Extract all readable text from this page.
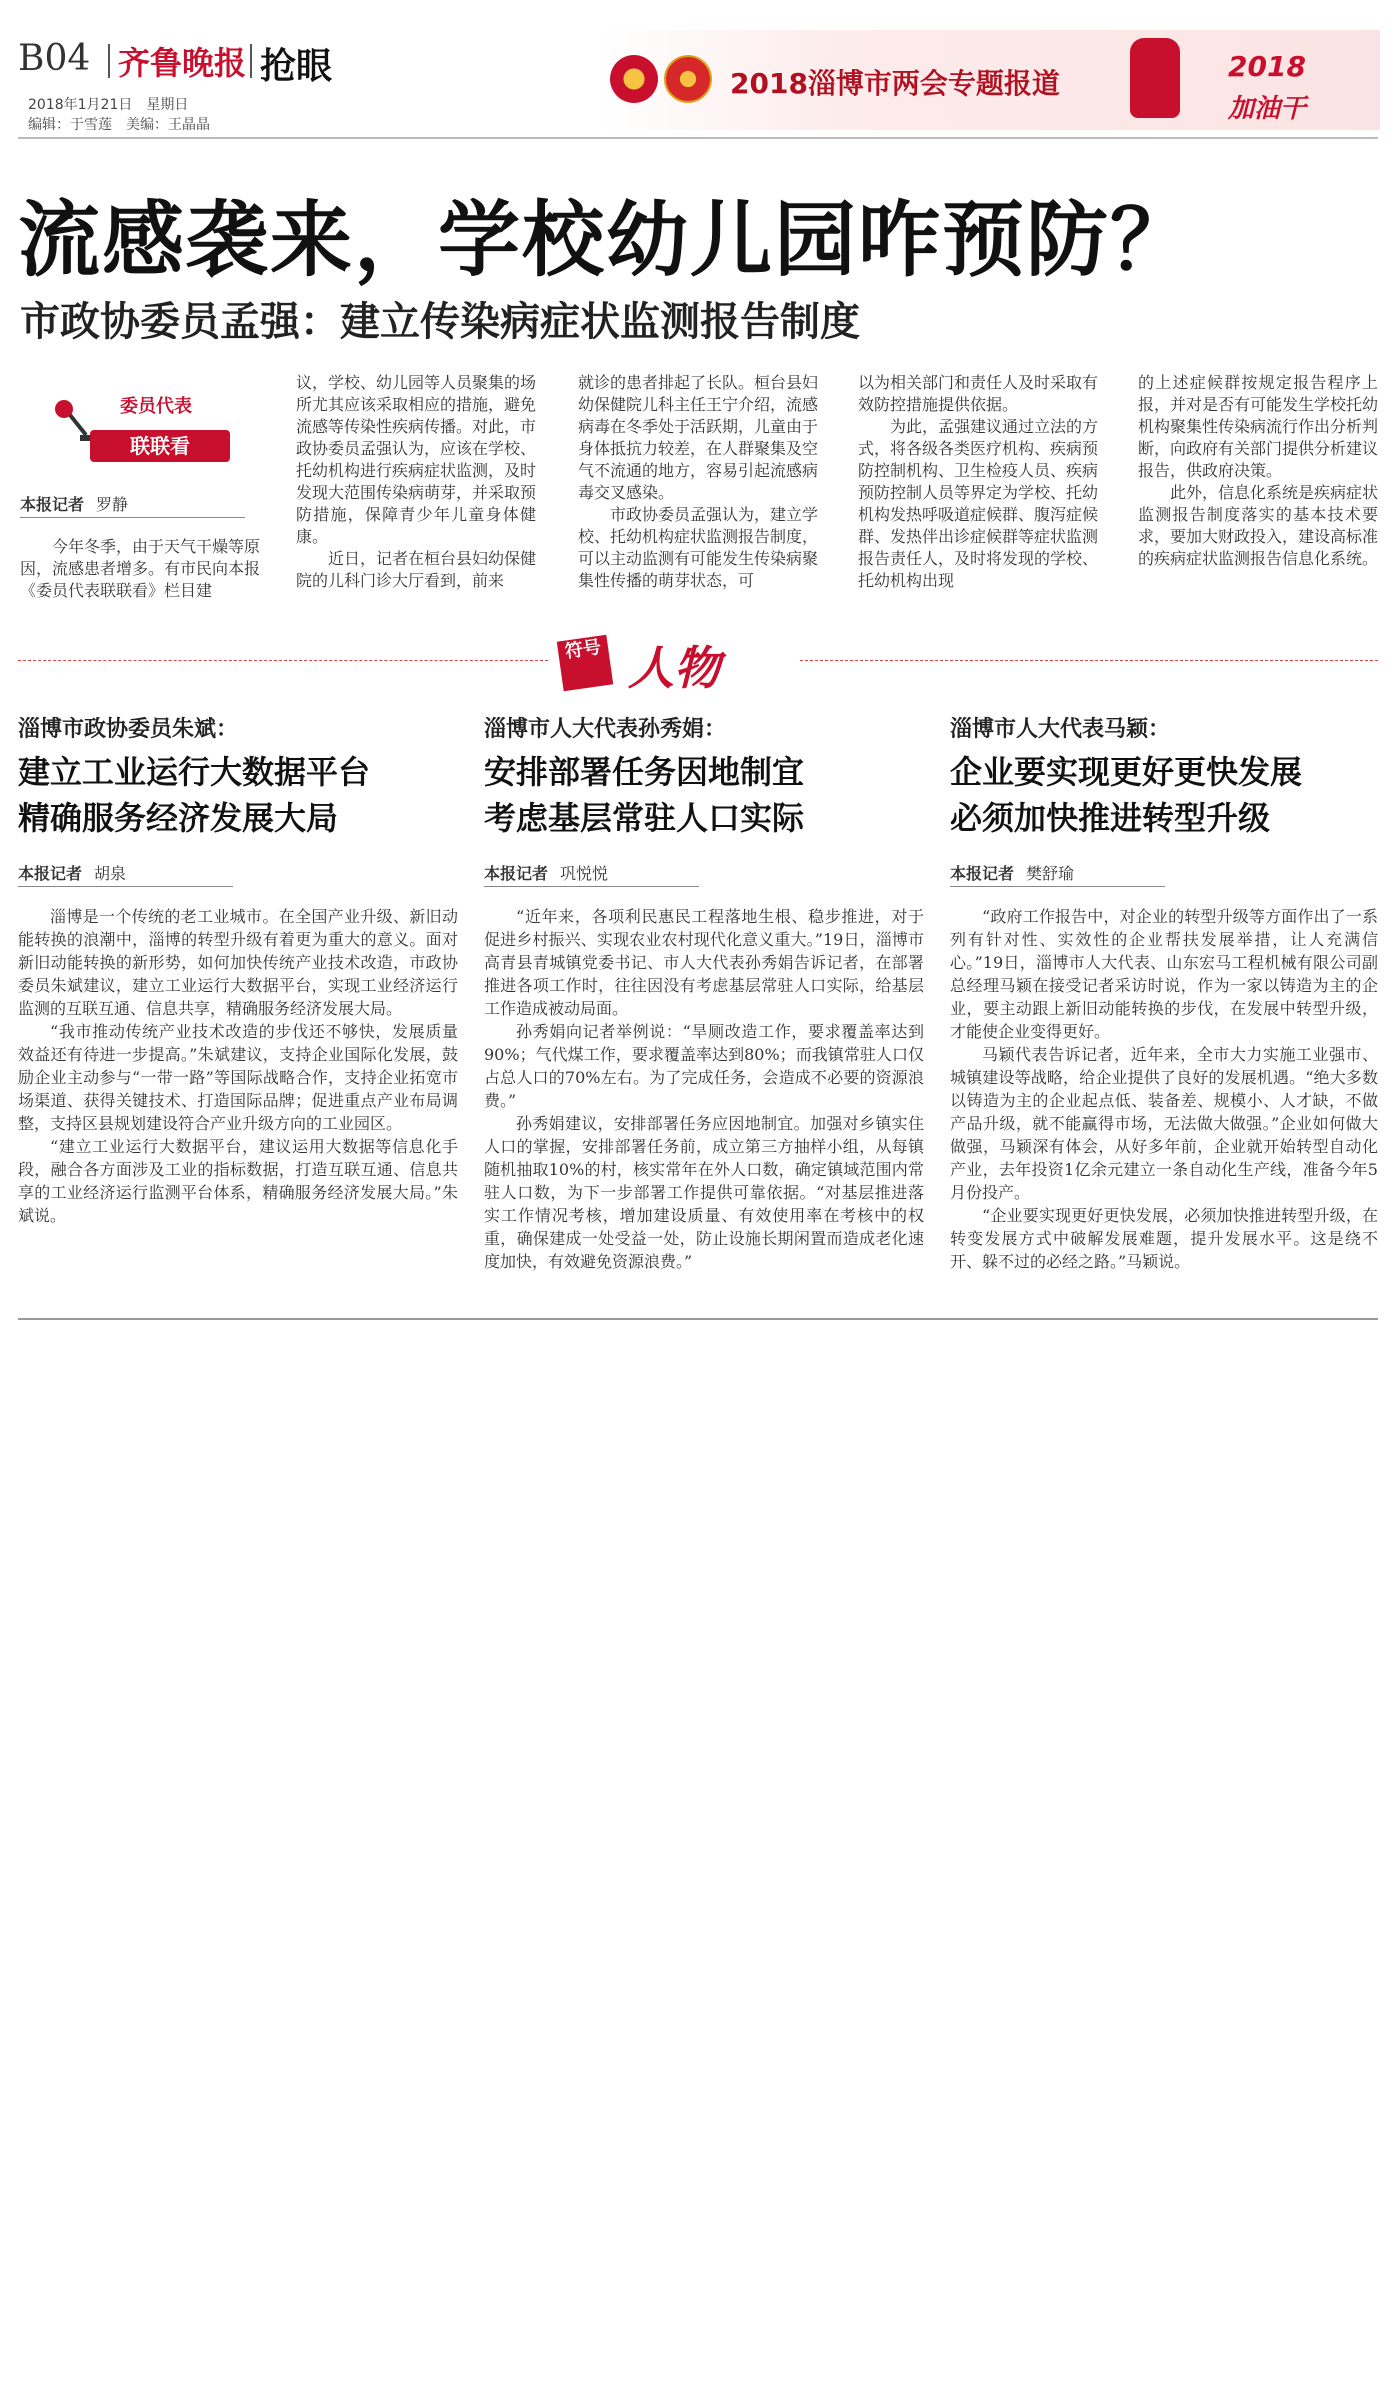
B04 齐鲁晚报 抢眼
2018年1月21日　星期日
编辑：于雪莲　美编：王晶晶
2018淄博市两会专题报道
2018
加油干
流感袭来，学校幼儿园咋预防？
市政协委员孟强：建立传染病症状监测报告制度
委员代表
联联看
本报记者 罗静

今年冬季，由于天气干燥等原因，流感患者增多。有市民向本报《委员代表联联看》栏目建

议，学校、幼儿园等人员聚集的场所尤其应该采取相应的措施，避免流感等传染性疾病传播。对此，市政协委员孟强认为，应该在学校、托幼机构进行疾病症状监测，及时发现大范围传染病萌芽，并采取预防措施，保障青少年儿童身体健康。

近日，记者在桓台县妇幼保健院的儿科门诊大厅看到，前来

就诊的患者排起了长队。桓台县妇幼保健院儿科主任王宁介绍，流感病毒在冬季处于活跃期，儿童由于身体抵抗力较差，在人群聚集及空气不流通的地方，容易引起流感病毒交叉感染。

市政协委员孟强认为，建立学校、托幼机构症状监测报告制度，可以主动监测有可能发生传染病聚集性传播的萌芽状态，可

以为相关部门和责任人及时采取有效防控措施提供依据。

为此，孟强建议通过立法的方式，将各级各类医疗机构、疾病预防控制机构、卫生检疫人员、疾病预防控制人员等界定为学校、托幼机构发热呼吸道症候群、腹泻症候群、发热伴出诊症候群等症状监测报告责任人，及时将发现的学校、托幼机构出现

的上述症候群按规定报告程序上报，并对是否有可能发生学校托幼机构聚集性传染病流行作出分析判断，向政府有关部门提供分析建议报告，供政府决策。

此外，信息化系统是疾病症状监测报告制度落实的基本技术要求，要加大财政投入，建设高标准的疾病症状监测报告信息化系统。

符号 人物
淄博市政协委员朱斌：
建立工业运行大数据平台
精确服务经济发展大局
本报记者 胡泉

淄博是一个传统的老工业城市。在全国产业升级、新旧动能转换的浪潮中，淄博的转型升级有着更为重大的意义。面对新旧动能转换的新形势，如何加快传统产业技术改造，市政协委员朱斌建议，建立工业运行大数据平台，实现工业经济运行监测的互联互通、信息共享，精确服务经济发展大局。

“我市推动传统产业技术改造的步伐还不够快，发展质量效益还有待进一步提高。”朱斌建议，支持企业国际化发展，鼓励企业主动参与“一带一路”等国际战略合作，支持企业拓宽市场渠道、获得关键技术、打造国际品牌；促进重点产业布局调整，支持区县规划建设符合产业升级方向的工业园区。

“建立工业运行大数据平台，建议运用大数据等信息化手段，融合各方面涉及工业的指标数据，打造互联互通、信息共享的工业经济运行监测平台体系，精确服务经济发展大局。”朱斌说。

淄博市人大代表孙秀娟：
安排部署任务因地制宜
考虑基层常驻人口实际
本报记者 巩悦悦

“近年来，各项利民惠民工程落地生根、稳步推进，对于促进乡村振兴、实现农业农村现代化意义重大。”19日，淄博市高青县青城镇党委书记、市人大代表孙秀娟告诉记者，在部署推进各项工作时，往往因没有考虑基层常驻人口实际，给基层工作造成被动局面。

孙秀娟向记者举例说：“旱厕改造工作，要求覆盖率达到90%；气代煤工作，要求覆盖率达到80%；而我镇常驻人口仅占总人口的70%左右。为了完成任务，会造成不必要的资源浪费。”

孙秀娟建议，安排部署任务应因地制宜。加强对乡镇实住人口的掌握，安排部署任务前，成立第三方抽样小组，从每镇随机抽取10%的村，核实常年在外人口数，确定镇域范围内常驻人口数，为下一步部署工作提供可靠依据。“对基层推进落实工作情况考核，增加建设质量、有效使用率在考核中的权重，确保建成一处受益一处，防止设施长期闲置而造成老化速度加快，有效避免资源浪费。”

淄博市人大代表马颖：
企业要实现更好更快发展
必须加快推进转型升级
本报记者 樊舒瑜

“政府工作报告中，对企业的转型升级等方面作出了一系列有针对性、实效性的企业帮扶发展举措，让人充满信心。”19日，淄博市人大代表、山东宏马工程机械有限公司副总经理马颖在接受记者采访时说，作为一家以铸造为主的企业，要主动跟上新旧动能转换的步伐，在发展中转型升级，才能使企业变得更好。

马颖代表告诉记者，近年来，全市大力实施工业强市、城镇建设等战略，给企业提供了良好的发展机遇。“绝大多数以铸造为主的企业起点低、装备差、规模小、人才缺，不做产品升级，就不能赢得市场，无法做大做强。”企业如何做大做强，马颖深有体会，从好多年前，企业就开始转型自动化产业，去年投资1亿余元建立一条自动化生产线，准备今年5月份投产。

“企业要实现更好更快发展，必须加快推进转型升级，在转变发展方式中破解发展难题，提升发展水平。这是绕不开、躲不过的必经之路。”马颖说。
